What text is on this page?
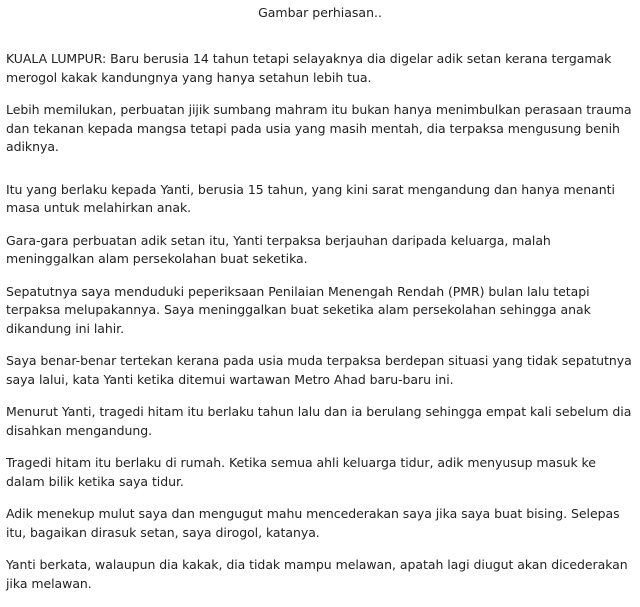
Gambar perhiasan..

KUALA LUMPUR: Baru berusia 14 tahun tetapi selayaknya dia digelar adik setan kerana tergamak merogol kakak kandungnya yang hanya setahun lebih tua.

Lebih memilukan, perbuatan jijik sumbang mahram itu bukan hanya menimbulkan perasaan trauma dan tekanan kepada mangsa tetapi pada usia yang masih mentah, dia terpaksa mengusung benih adiknya.

Itu yang berlaku kepada Yanti, berusia 15 tahun, yang kini sarat mengandung dan hanya menanti masa untuk melahirkan anak.

Gara-gara perbuatan adik setan itu, Yanti terpaksa berjauhan daripada keluarga, malah meninggalkan alam persekolahan buat seketika.

Sepatutnya saya menduduki peperiksaan Penilaian Menengah Rendah (PMR) bulan lalu tetapi terpaksa melupakannya. Saya meninggalkan buat seketika alam persekolahan sehingga anak dikandung ini lahir.

Saya benar-benar tertekan kerana pada usia muda terpaksa berdepan situasi yang tidak sepatutnya saya lalui, kata Yanti ketika ditemui wartawan Metro Ahad baru-baru ini.

Menurut Yanti, tragedi hitam itu berlaku tahun lalu dan ia berulang sehingga empat kali sebelum dia disahkan mengandung.

Tragedi hitam itu berlaku di rumah. Ketika semua ahli keluarga tidur, adik menyusup masuk ke dalam bilik ketika saya tidur.

Adik menekup mulut saya dan mengugut mahu mencederakan saya jika saya buat bising. Selepas itu, bagaikan dirasuk setan, saya dirogol, katanya.

Yanti berkata, walaupun dia kakak, dia tidak mampu melawan, apatah lagi diugut akan dicederakan jika melawan.
